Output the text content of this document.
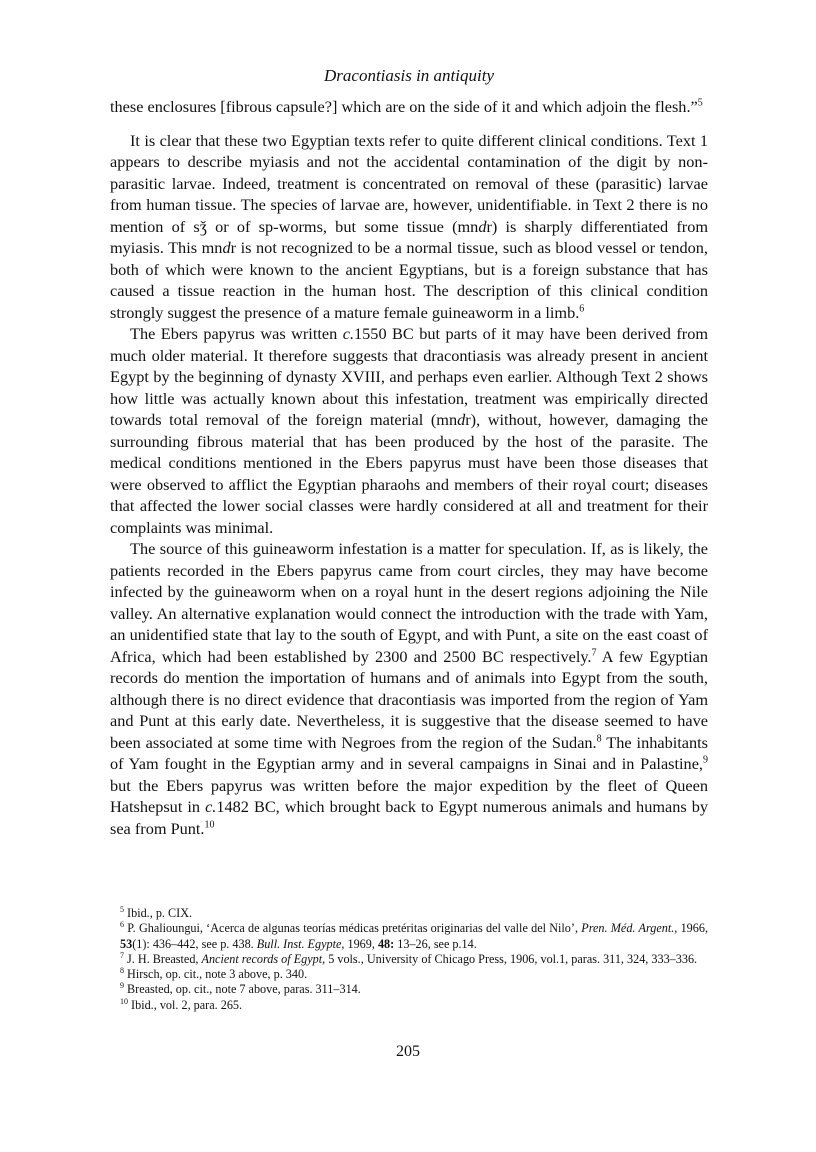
Dracontiasis in antiquity

these enclosures [fibrous capsule?] which are on the side of it and which adjoin the flesh.”$^5$

It is clear that these two Egyptian texts refer to quite different clinical conditions. Text 1 appears to describe myiasis and not the accidental contamination of the digit by non-parasitic larvae. Indeed, treatment is concentrated on removal of these (parasitic) larvae from human tissue. The species of larvae are, however, unidentifiable. in Text 2 there is no mention of sǯ or of sp-worms, but some tissue (mndr) is sharply differentiated from myiasis. This mndr is not recognized to be a normal tissue, such as blood vessel or tendon, both of which were known to the ancient Egyptians, but is a foreign substance that has caused a tissue reaction in the human host. The description of this clinical condition strongly suggest the presence of a mature female guineaworm in a limb.$^6$

The Ebers papyrus was written c.1550 BC but parts of it may have been derived from much older material. It therefore suggests that dracontiasis was already present in ancient Egypt by the beginning of dynasty XVIII, and perhaps even earlier. Although Text 2 shows how little was actually known about this infestation, treatment was empirically directed towards total removal of the foreign material (mndr), without, however, damaging the surrounding fibrous material that has been produced by the host of the parasite. The medical conditions mentioned in the Ebers papyrus must have been those diseases that were observed to afflict the Egyptian pharaohs and members of their royal court; diseases that affected the lower social classes were hardly considered at all and treatment for their complaints was minimal.

The source of this guineaworm infestation is a matter for speculation. If, as is likely, the patients recorded in the Ebers papyrus came from court circles, they may have become infected by the guineaworm when on a royal hunt in the desert regions adjoining the Nile valley. An alternative explanation would connect the introduction with the trade with Yam, an unidentified state that lay to the south of Egypt, and with Punt, a site on the east coast of Africa, which had been established by 2300 and 2500 BC respectively.$^7$ A few Egyptian records do mention the importation of humans and of animals into Egypt from the south, although there is no direct evidence that dracontiasis was imported from the region of Yam and Punt at this early date. Nevertheless, it is suggestive that the disease seemed to have been associated at some time with Negroes from the region of the Sudan.$^8$ The inhabitants of Yam fought in the Egyptian army and in several campaigns in Sinai and in Palastine,$^9$ but the Ebers papyrus was written before the major expedition by the fleet of Queen Hatshepsut in c.1482 BC, which brought back to Egypt numerous animals and humans by sea from Punt.$^{10}$

$^5$ Ibid., p. CIX.

$^6$ P. Ghalioungui, ‘Acerca de algunas teorías médicas pretéritas originarias del valle del Nilo’, Pren. Méd. Argent., 1966, 53(1): 436–442, see p. 438. Bull. Inst. Egypte, 1969, 48: 13–26, see p.14.

$^7$ J. H. Breasted, Ancient records of Egypt, 5 vols., University of Chicago Press, 1906, vol.1, paras. 311, 324, 333–336.

$^8$ Hirsch, op. cit., note 3 above, p. 340.

$^9$ Breasted, op. cit., note 7 above, paras. 311–314.

$^{10}$ Ibid., vol. 2, para. 265.

205
